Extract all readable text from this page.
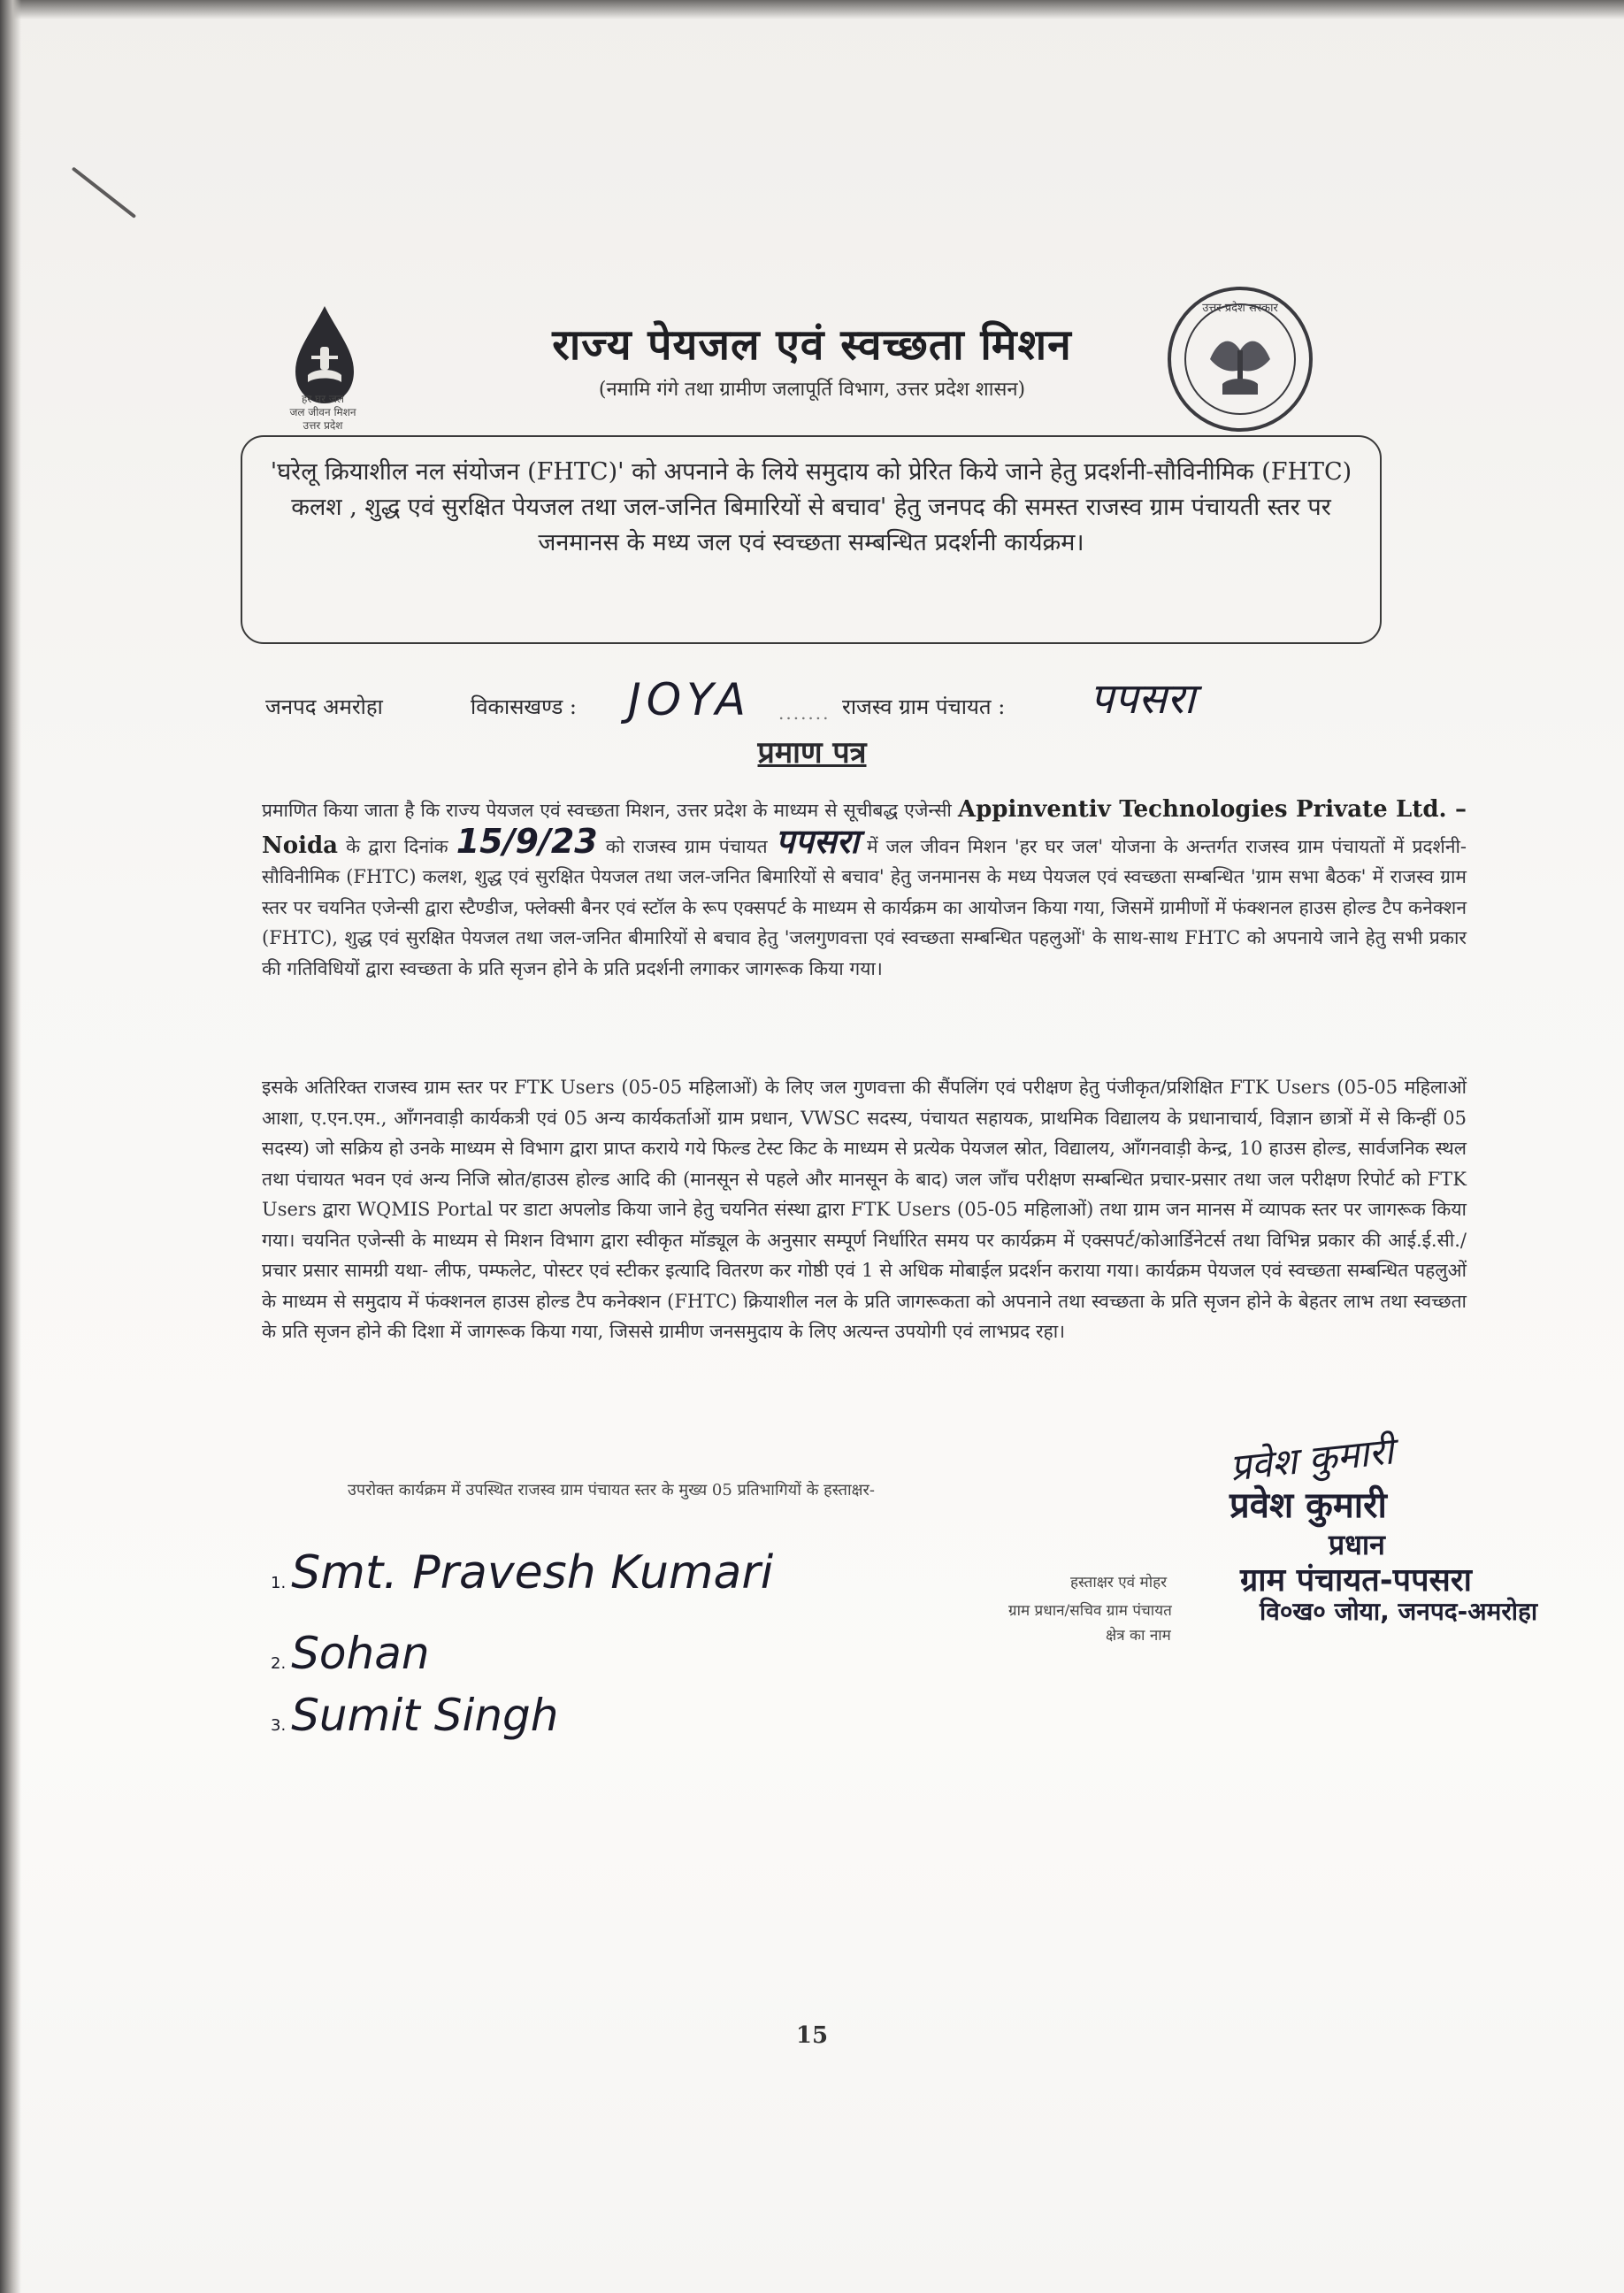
हर घर जल
जल जीवन मिशन
उत्तर प्रदेश
राज्य पेयजल एवं स्वच्छता मिशन
(नमामि गंगे तथा ग्रामीण जलापूर्ति विभाग, उत्तर प्रदेश शासन)
उत्तर प्रदेश सरकार
'घरेलू क्रियाशील नल संयोजन (FHTC)' को अपनाने के लिये समुदाय को प्रेरित किये जाने हेतु प्रदर्शनी-सौविनीमिक (FHTC) कलश , शुद्ध एवं सुरक्षित पेयजल तथा जल-जनित बिमारियों से बचाव' हेतु जनपद की समस्त राजस्व ग्राम पंचायती स्तर पर जनमानस के मध्य जल एवं स्वच्छता सम्बन्धित प्रदर्शनी कार्यक्रम।
जनपद अमरोहा	विकासखण्ड : JOYA ....... राजस्व ग्राम पंचायत : पपसरा
प्रमाण पत्र
प्रमाणित किया जाता है कि राज्य पेयजल एवं स्वच्छता मिशन, उत्तर प्रदेश के माध्यम से सूचीबद्ध एजेन्सी Appinventiv Technologies Private Ltd. – Noida के द्वारा दिनांक 15/9/23 को राजस्व ग्राम पंचायत पपसरा में जल जीवन मिशन 'हर घर जल' योजना के अन्तर्गत राजस्व ग्राम पंचायतों में प्रदर्शनी-सौविनीमिक (FHTC) कलश, शुद्ध एवं सुरक्षित पेयजल तथा जल-जनित बिमारियों से बचाव' हेतु जनमानस के मध्य पेयजल एवं स्वच्छता सम्बन्धित 'ग्राम सभा बैठक' में राजस्व ग्राम स्तर पर चयनित एजेन्सी द्वारा स्टैण्डीज, फ्लेक्सी बैनर एवं स्टॉल के रूप एक्सपर्ट के माध्यम से कार्यक्रम का आयोजन किया गया, जिसमें ग्रामीणों में फंक्शनल हाउस होल्ड टैप कनेक्शन (FHTC), शुद्ध एवं सुरक्षित पेयजल तथा जल-जनित बीमारियों से बचाव हेतु 'जलगुणवत्ता एवं स्वच्छता सम्बन्धित पहलुओं' के साथ-साथ FHTC को अपनाये जाने हेतु सभी प्रकार की गतिविधियों द्वारा स्वच्छता के प्रति सृजन होने के प्रति प्रदर्शनी लगाकर जागरूक किया गया।
इसके अतिरिक्त राजस्व ग्राम स्तर पर FTK Users (05-05 महिलाओं) के लिए जल गुणवत्ता की सैंपलिंग एवं परीक्षण हेतु पंजीकृत/प्रशिक्षित FTK Users (05-05 महिलाओं आशा, ए.एन.एम., आँगनवाड़ी कार्यकत्री एवं 05 अन्य कार्यकर्ताओं ग्राम प्रधान, VWSC सदस्य, पंचायत सहायक, प्राथमिक विद्यालय के प्रधानाचार्य, विज्ञान छात्रों में से किन्हीं 05 सदस्य) जो सक्रिय हो उनके माध्यम से विभाग द्वारा प्राप्त कराये गये फिल्ड टेस्ट किट के माध्यम से प्रत्येक पेयजल स्रोत, विद्यालय, आँगनवाड़ी केन्द्र, 10 हाउस होल्ड, सार्वजनिक स्थल तथा पंचायत भवन एवं अन्य निजि स्रोत/हाउस होल्ड आदि की (मानसून से पहले और मानसून के बाद) जल जाँच परीक्षण सम्बन्धित प्रचार-प्रसार तथा जल परीक्षण रिपोर्ट को FTK Users द्वारा WQMIS Portal पर डाटा अपलोड किया जाने हेतु चयनित संस्था द्वारा FTK Users (05-05 महिलाओं) तथा ग्राम जन मानस में व्यापक स्तर पर जागरूक किया गया। चयनित एजेन्सी के माध्यम से मिशन विभाग द्वारा स्वीकृत मॉड्यूल के अनुसार सम्पूर्ण निर्धारित समय पर कार्यक्रम में एक्सपर्ट/कोआर्डिनेटर्स तथा विभिन्न प्रकार की आई.ई.सी./प्रचार प्रसार सामग्री यथा- लीफ, पम्फलेट, पोस्टर एवं स्टीकर इत्यादि वितरण कर गोष्ठी एवं 1 से अधिक मोबाईल प्रदर्शन कराया गया। कार्यक्रम पेयजल एवं स्वच्छता सम्बन्धित पहलुओं के माध्यम से समुदाय में फंक्शनल हाउस होल्ड टैप कनेक्शन (FHTC) क्रियाशील नल के प्रति जागरूकता को अपनाने तथा स्वच्छता के प्रति सृजन होने के बेहतर लाभ तथा स्वच्छता के प्रति सृजन होने की दिशा में जागरूक किया गया, जिससे ग्रामीण जनसमुदाय के लिए अत्यन्त उपयोगी एवं लाभप्रद रहा।
उपरोक्त कार्यक्रम में उपस्थित राजस्व ग्राम पंचायत स्तर के मुख्य 05 प्रतिभागियों के हस्ताक्षर-
1. Smt. Pravesh Kumari
2. Sohan
3. Sumit Singh
प्रवेश कुमारी
प्रवेश कुमारी
प्रधान
हस्ताक्षर एवं मोहर ग्राम पंचायत-पपसरा
ग्राम प्रधान/सचिव ग्राम पंचायत	वि०ख० जोया, जनपद-अमरोहा
क्षेत्र का नाम
15
